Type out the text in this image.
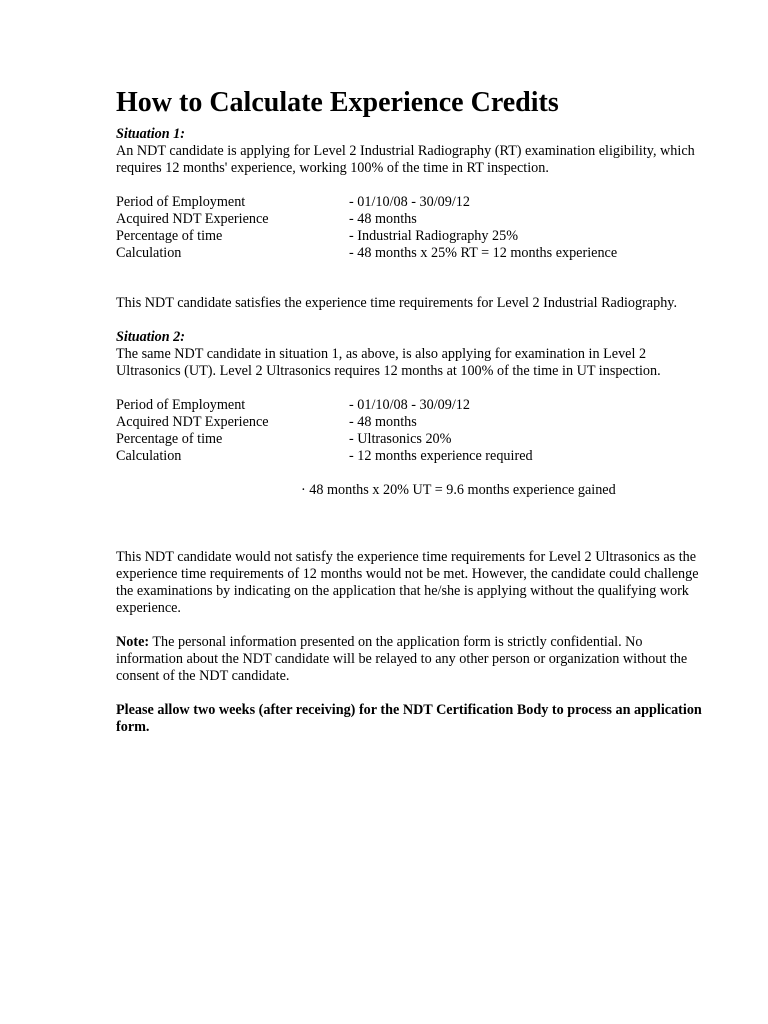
How to Calculate Experience Credits

Situation 1:

An NDT candidate is applying for Level 2 Industrial Radiography (RT) examination eligibility, which requires 12 months' experience, working 100% of the time in RT inspection.

Period of Employment	- 01/10/08 - 30/09/12
Acquired NDT Experience	- 48 months
Percentage of time	- Industrial Radiography 25%
Calculation	- 48 months x 25% RT = 12 months experience

This NDT candidate satisfies the experience time requirements for Level 2 Industrial Radiography.

Situation 2:

The same NDT candidate in situation 1, as above, is also applying for examination in Level 2 Ultrasonics (UT). Level 2 Ultrasonics requires 12 months at 100% of the time in UT inspection.

Period of Employment	- 01/10/08 - 30/09/12
Acquired NDT Experience	- 48 months
Percentage of time	- Ultrasonics 20%
Calculation	- 12 months experience required

· 48 months x 20% UT = 9.6 months experience gained

This NDT candidate would not satisfy the experience time requirements for Level 2 Ultrasonics as the experience time requirements of 12 months would not be met. However, the candidate could challenge the examinations by indicating on the application that he/she is applying without the qualifying work experience.

Note: The personal information presented on the application form is strictly confidential. No information about the NDT candidate will be relayed to any other person or organization without the consent of the NDT candidate.

Please allow two weeks (after receiving) for the NDT Certification Body to process an application form.
